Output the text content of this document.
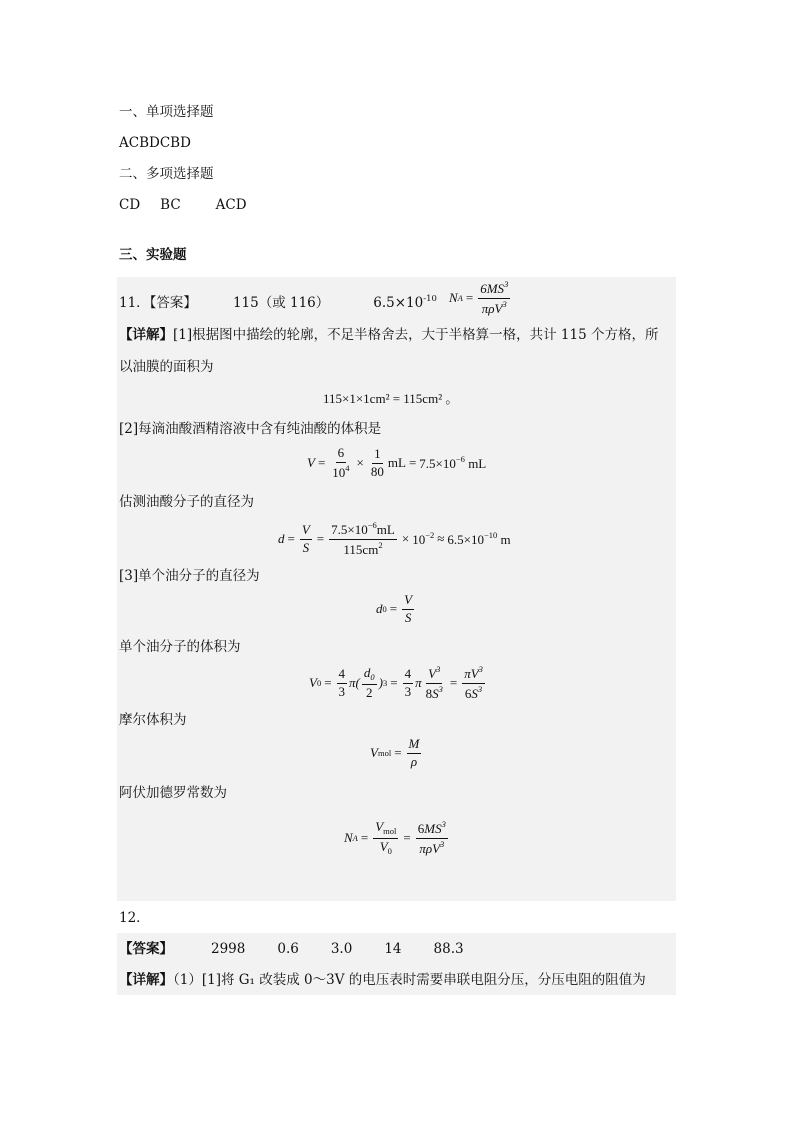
一、单项选择题
ACBDCBD
二、多项选择题
CD BC	ACD
三、实验题
11．【答案】	115（或 116）	$6.5\times 10^{-10}$ N $A = \frac{6MS^3}{\pi\rho V^3}$
【详解】[1]根据图中描绘的轮廓，不足半格舍去，大于半格算一格，共计 115 个方格，所
以油膜的面积为
115×1×1cm² = 115cm² 。
[2]每滴油酸酒精溶液中含有纯油酸的体积是
$V = \frac{6}{10^4} \times \frac{1}{80}$ mL = $7.5\times 10^{-6}$ mL
估测油酸分子的直径为
$d = \frac{V}{S} = \frac{7.5\times 10^{-6}mL}{115cm^2} \times 10^{-2} \approx 6.5\times 10^{-10}$ m
[3]单个油分子的直径为
d $0 = \frac{V}{S}$
单个油分子的体积为
V $0 = \frac{4}{3} \pi( \frac{d_0}{2}$ ) $3 = \frac{4}{3}$ π $\frac{V^3}{8S^3} = \frac{\pi V^3}{6S^3}$
摩尔体积为
V mol = $\frac{M}{\rho}$
阿伏加德罗常数为
N $A = \frac{V_{mol}}{V_0} = \frac{6MS^3}{\pi\rho V^3}$
12．
【答案】	2998 0.6 3.0 14 88.3
【详解】（1）[1]将 G₁ 改装成 0～3V 的电压表时需要串联电阻分压，分压电阻的阻值为
